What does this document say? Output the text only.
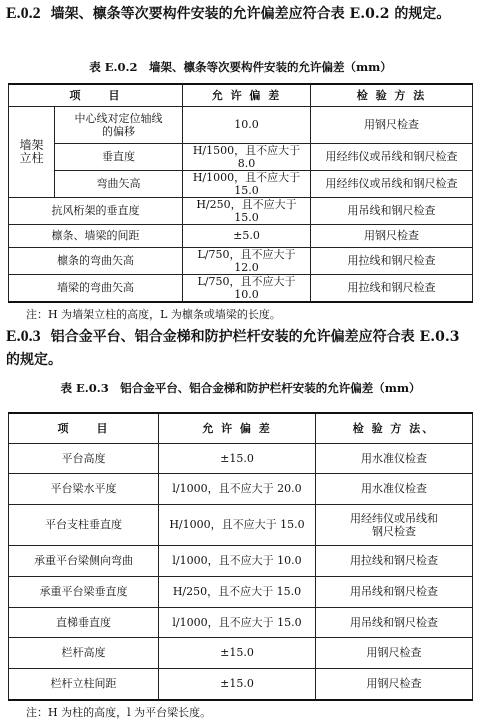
E.0.2 墙架、檩条等次要构件安装的允许偏差应符合表 E.0.2 的规定。

表 E.0.2　墙架、檩条等次要构件安装的允许偏差（mm）

项　　目		允 许 偏 差	检 验 方 法
墙架立柱	中心线对定位轴线的偏移	10.0	用钢尺检查
	垂直度	H/1500，且不应大于 8.0	用经纬仪或吊线和钢尺检查
	弯曲矢高	H/1000，且不应大于 15.0	用经纬仪或吊线和钢尺检查
抗风桁架的垂直度		H/250，且不应大于 15.0	用吊线和钢尺检查
檩条、墙梁的间距		±5.0	用钢尺检查
檩条的弯曲矢高		L/750，且不应大于 12.0	用拉线和钢尺检查
墙梁的弯曲矢高		L/750，且不应大于 10.0	用拉线和钢尺检查

注：H 为墙架立柱的高度，L 为檩条或墙梁的长度。

E.0.3 铝合金平台、铝合金梯和防护栏杆安装的允许偏差应符合表 E.0.3 的规定。

表 E.0.3　铝合金平台、铝合金梯和防护栏杆安装的允许偏差（mm）

项　　目	允 许 偏 差	检 验 方 法、
平台高度	±15.0	用水准仪检查
平台梁水平度	l/1000，且不应大于 20.0	用水准仪检查
平台支柱垂直度	H/1000，且不应大于 15.0	用经纬仪或吊线和钢尺检查
承重平台梁侧向弯曲	l/1000，且不应大于 10.0	用拉线和钢尺检查
承重平台梁垂直度	H/250，且不应大于 15.0	用吊线和钢尺检查
直梯垂直度	l/1000，且不应大于 15.0	用吊线和钢尺检查
栏杆高度	±15.0	用钢尺检查
栏杆立柱间距	±15.0	用钢尺检查

注：H 为柱的高度，l 为平台梁长度。
